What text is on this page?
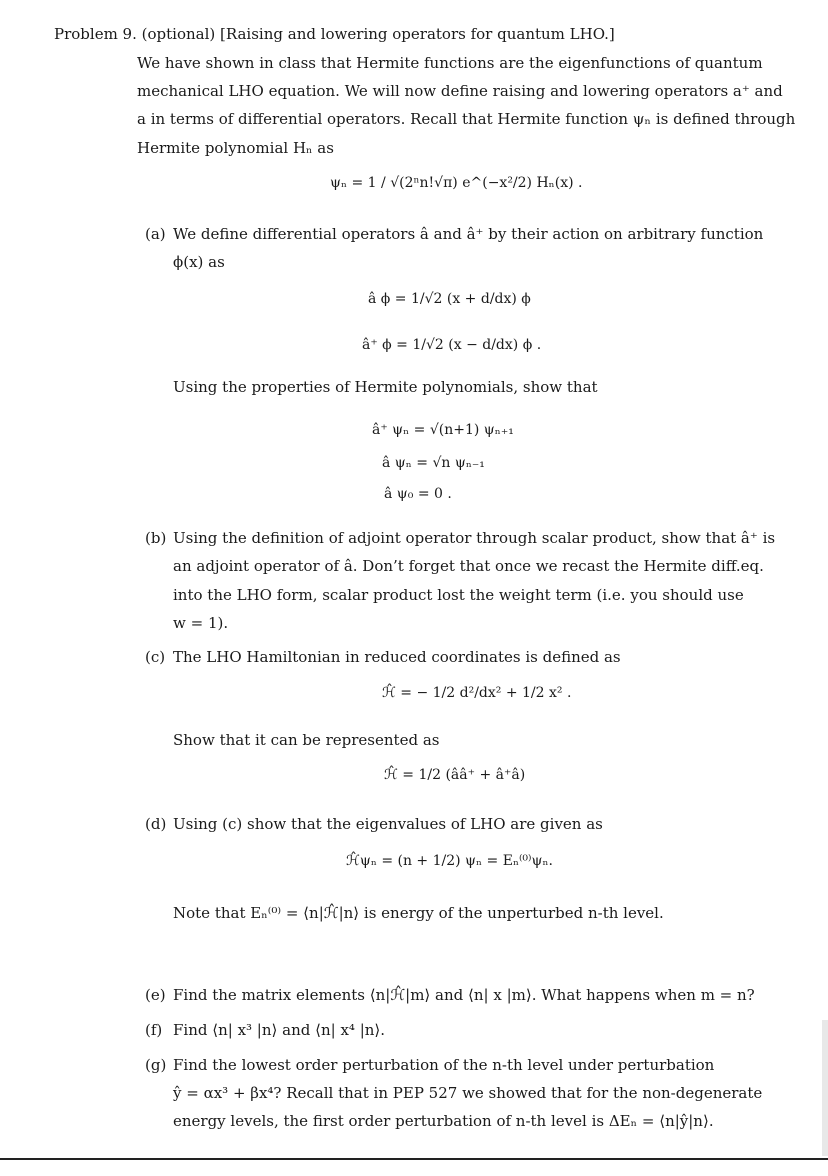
Problem 9. (optional) [Raising and lowering operators for quantum LHO.]
We have shown in class that Hermite functions are the eigenfunctions of quantum
mechanical LHO equation. We will now define raising and lowering operators a⁺ and
a in terms of differential operators. Recall that Hermite function ψₙ is defined through
Hermite polynomial Hₙ as
ψₙ = 1 / √(2ⁿn!√π) e^(−x²/2) Hₙ(x) .
(a) We define differential operators â and â⁺ by their action on arbitrary function
ϕ(x) as
â ϕ = 1/√2 (x + d/dx) ϕ
â⁺ ϕ = 1/√2 (x − d/dx) ϕ .
Using the properties of Hermite polynomials, show that
â⁺ ψₙ = √(n+1) ψₙ₊₁
â ψₙ = √n ψₙ₋₁
â ψ₀ = 0 .
(b) Using the definition of adjoint operator through scalar product, show that â⁺ is
an adjoint operator of â. Don’t forget that once we recast the Hermite diff.eq.
into the LHO form, scalar product lost the weight term (i.e. you should use
w = 1).
(c) The LHO Hamiltonian in reduced coordinates is defined as
ℋ̂ = − 1/2 d²/dx² + 1/2 x² .
Show that it can be represented as
ℋ̂ = 1/2 (ââ⁺ + â⁺â)
(d) Using (c) show that the eigenvalues of LHO are given as
ℋ̂ψₙ = (n + 1/2) ψₙ = Eₙ⁽⁰⁾ψₙ.
Note that Eₙ⁽⁰⁾ = ⟨n|ℋ̂|n⟩ is energy of the unperturbed n-th level.
(e) Find the matrix elements ⟨n|ℋ̂|m⟩ and ⟨n| x |m⟩. What happens when m = n?
(f) Find ⟨n| x³ |n⟩ and ⟨n| x⁴ |n⟩.
(g) Find the lowest order perturbation of the n-th level under perturbation
ŷ = αx³ + βx⁴? Recall that in PEP 527 we showed that for the non-degenerate
energy levels, the first order perturbation of n-th level is ΔEₙ = ⟨n|ŷ|n⟩.
